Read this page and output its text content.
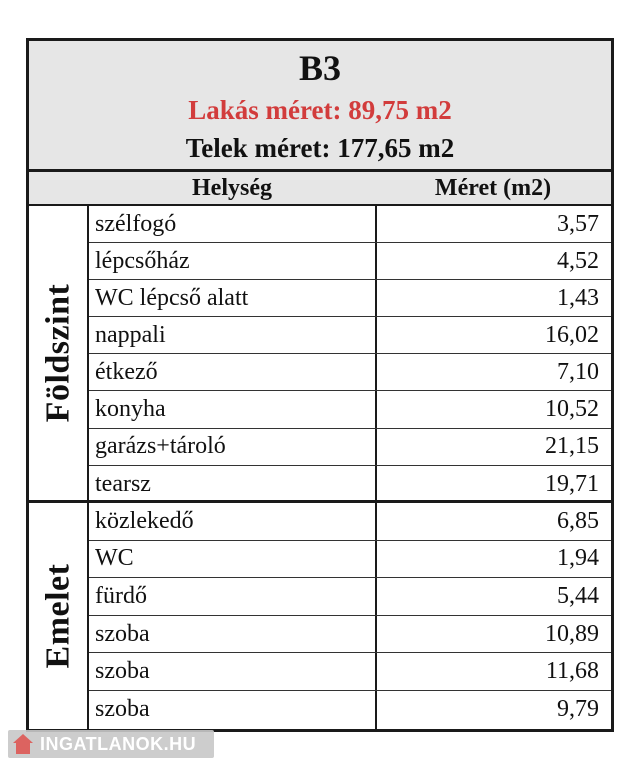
B3
Lakás méret: 89,75 m2
Telek méret: 177,65 m2
Helység	Méret (m2)
Földszint
szélfogó	3,57
lépcsőház	4,52
WC lépcső alatt	1,43
nappali	16,02
étkező	7,10
konyha	10,52
garázs+tároló	21,15
tearsz	19,71
Emelet
közlekedő	6,85
WC	1,94
fürdő	5,44
szoba	10,89
szoba	11,68
szoba	9,79
INGATLANOK.HU
